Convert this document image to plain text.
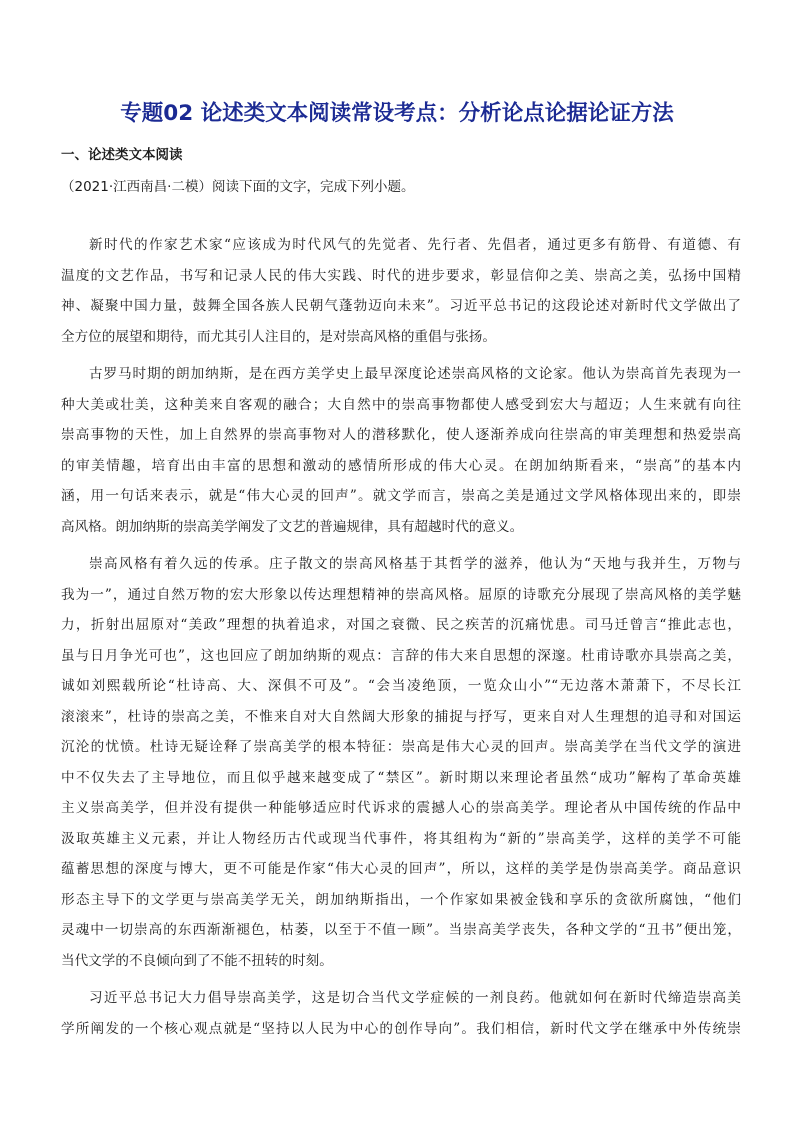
专题02 论述类文本阅读常设考点：分析论点论据论证方法
一、论述类文本阅读
（2021·江西南昌·二模）阅读下面的文字，完成下列小题。
新时代的作家艺术家“应该成为时代风气的先觉者、先行者、先倡者，通过更多有筋骨、有道德、有
温度的文艺作品，书写和记录人民的伟大实践、时代的进步要求，彰显信仰之美、崇高之美，弘扬中国精
神、凝聚中国力量，鼓舞全国各族人民朝气蓬勃迈向未来”。习近平总书记的这段论述对新时代文学做出了
全方位的展望和期待，而尤其引人注目的，是对崇高风格的重倡与张扬。
古罗马时期的朗加纳斯，是在西方美学史上最早深度论述崇高风格的文论家。他认为崇高首先表现为一
种大美或壮美，这种美来自客观的融合；大自然中的崇高事物都使人感受到宏大与超迈；人生来就有向往
崇高事物的天性，加上自然界的崇高事物对人的潜移默化，使人逐渐养成向往崇高的审美理想和热爱崇高
的审美情趣，培育出由丰富的思想和激动的感情所形成的伟大心灵。在朗加纳斯看来，“崇高”的基本内
涵，用一句话来表示，就是“伟大心灵的回声”。就文学而言，崇高之美是通过文学风格体现出来的，即崇
高风格。朗加纳斯的崇高美学阐发了文艺的普遍规律，具有超越时代的意义。
崇高风格有着久远的传承。庄子散文的崇高风格基于其哲学的滋养，他认为“天地与我并生，万物与
我为一”，通过自然万物的宏大形象以传达理想精神的崇高风格。屈原的诗歌充分展现了崇高风格的美学魅
力，折射出屈原对“美政”理想的执着追求，对国之衰微、民之疾苦的沉痛忧患。司马迁曾言“推此志也，
虽与日月争光可也”，这也回应了朗加纳斯的观点：言辞的伟大来自思想的深邃。杜甫诗歌亦具崇高之美，
诚如刘熙载所论“杜诗高、大、深俱不可及”。“会当凌绝顶，一览众山小”“无边落木萧萧下，不尽长江
滚滚来”，杜诗的崇高之美，不惟来自对大自然阔大形象的捕捉与抒写，更来自对人生理想的追寻和对国运
沉沦的忧愤。杜诗无疑诠释了崇高美学的根本特征：崇高是伟大心灵的回声。崇高美学在当代文学的演进
中不仅失去了主导地位，而且似乎越来越变成了“禁区”。新时期以来理论者虽然“成功”解构了革命英雄
主义崇高美学，但并没有提供一种能够适应时代诉求的震撼人心的崇高美学。理论者从中国传统的作品中
汲取英雄主义元素，并让人物经历古代或现当代事件，将其组构为“新的”崇高美学，这样的美学不可能
蕴蓄思想的深度与博大，更不可能是作家“伟大心灵的回声”，所以，这样的美学是伪崇高美学。商品意识
形态主导下的文学更与崇高美学无关，朗加纳斯指出，一个作家如果被金钱和享乐的贪欲所腐蚀，“他们
灵魂中一切崇高的东西渐渐褪色，枯萎，以至于不值一顾”。当崇高美学丧失，各种文学的“丑书”便出笼，
当代文学的不良倾向到了不能不扭转的时刻。
习近平总书记大力倡导崇高美学，这是切合当代文学症候的一剂良药。他就如何在新时代缔造崇高美
学所阐发的一个核心观点就是“坚持以人民为中心的创作导向”。我们相信，新时代文学在继承中外传统崇
